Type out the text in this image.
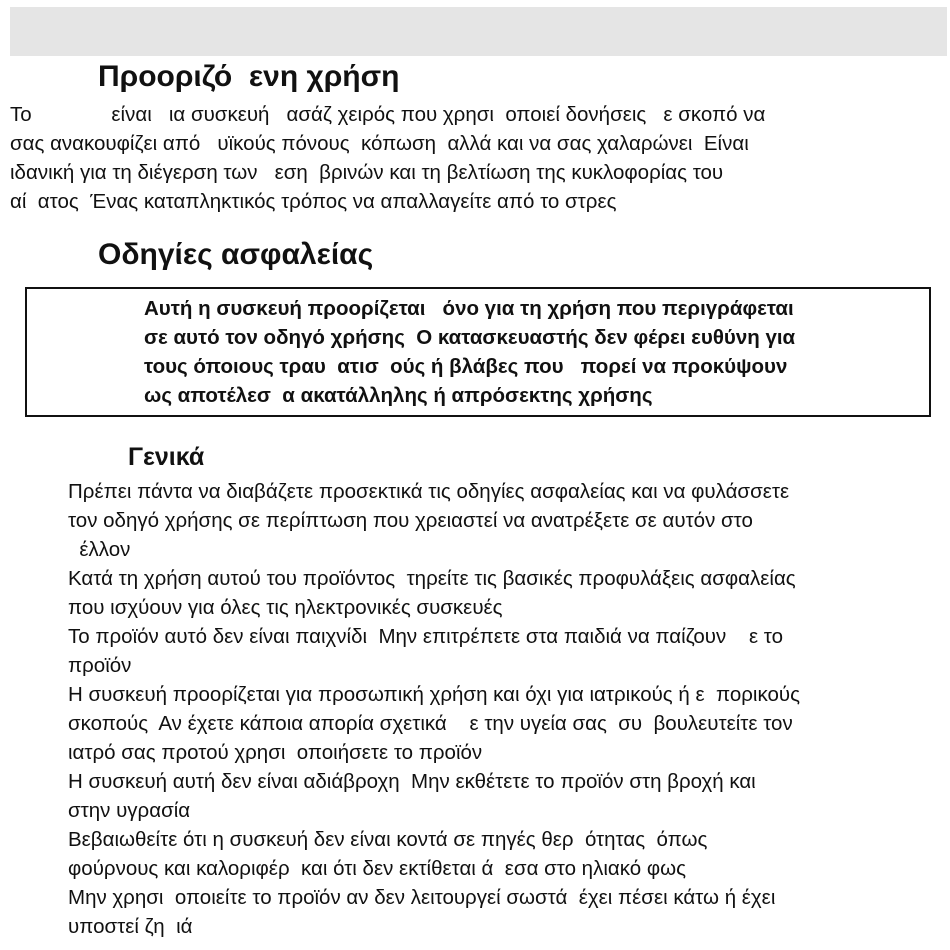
Προοριζό  ενη χρήση
Το              είναι   ια συσκευή   ασάζ χειρός που χρησι  οποιεί δονήσεις   ε σκοπό να
σας ανακουφίζει από   υϊκούς πόνους  κόπωση  αλλά και να σας χαλαρώνει  Είναι
ιδανική για τη διέγερση των   εση  βρινών και τη βελτίωση της κυκλοφορίας του
αί  ατος  Ένας καταπληκτικός τρόπος να απαλλαγείτε από το στρες
Οδηγίες ασφαλείας
Αυτή η συσκευή προορίζεται   όνο για τη χρήση που περιγράφεται
σε αυτό τον οδηγό χρήσης  Ο κατασκευαστής δεν φέρει ευθύνη για
τους όποιους τραυ  ατισ  ούς ή βλάβες που   πορεί να προκύψουν
ως αποτέλεσ  α ακατάλληλης ή απρόσεκτης χρήσης
Γενικά
Πρέπει πάντα να διαβάζετε προσεκτικά τις οδηγίες ασφαλείας και να φυλάσσετε
τον οδηγό χρήσης σε περίπτωση που χρειαστεί να ανατρέξετε σε αυτόν στο
έλλον
Κατά τη χρήση αυτού του προϊόντος  τηρείτε τις βασικές προφυλάξεις ασφαλείας
που ισχύουν για όλες τις ηλεκτρονικές συσκευές
Το προϊόν αυτό δεν είναι παιχνίδι  Μην επιτρέπετε στα παιδιά να παίζουν    ε το
προϊόν
Η συσκευή προορίζεται για προσωπική χρήση και όχι για ιατρικούς ή ε  πορικούς
σκοπούς  Αν έχετε κάποια απορία σχετικά    ε την υγεία σας  συ  βουλευτείτε τον
ιατρό σας προτού χρησι  οποιήσετε το προϊόν
Η συσκευή αυτή δεν είναι αδιάβροχη  Μην εκθέτετε το προϊόν στη βροχή και
στην υγρασία
Βεβαιωθείτε ότι η συσκευή δεν είναι κοντά σε πηγές θερ  ότητας  όπως
φούρνους και καλοριφέρ  και ότι δεν εκτίθεται ά  εσα στο ηλιακό φως
Μην χρησι  οποιείτε το προϊόν αν δεν λειτουργεί σωστά  έχει πέσει κάτω ή έχει
υποστεί ζη  ιά
